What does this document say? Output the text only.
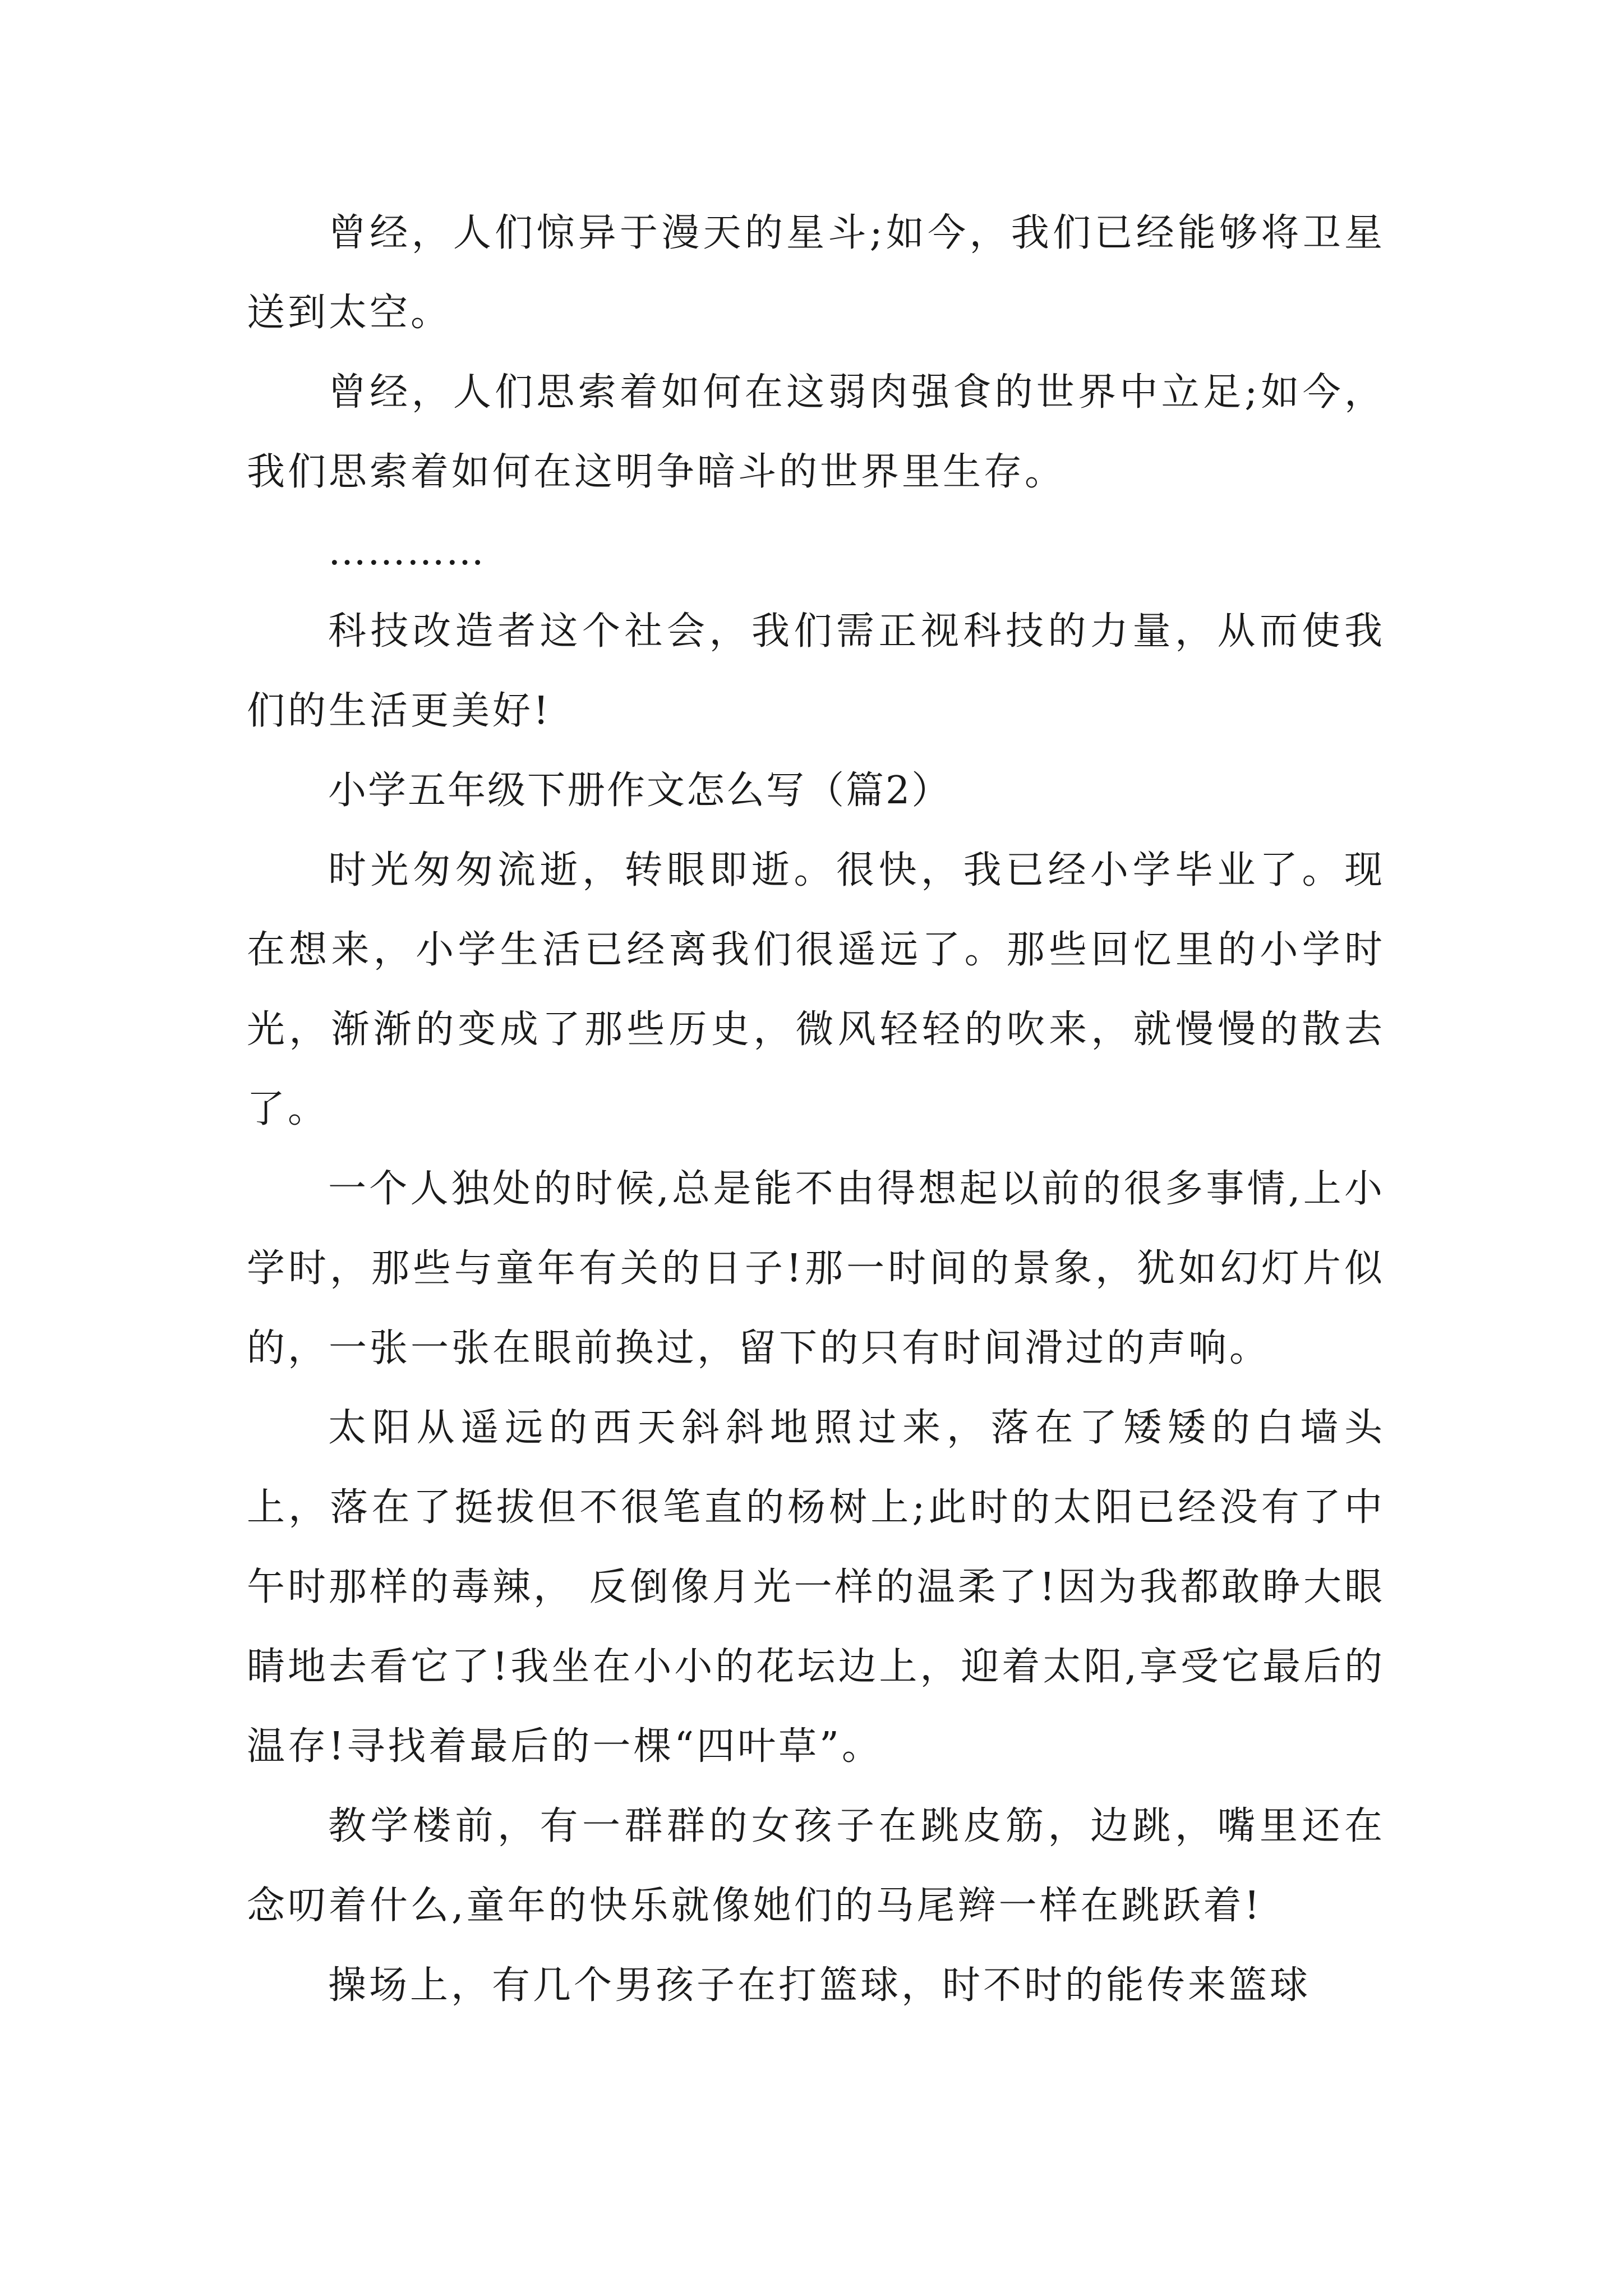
曾经，人们惊异于漫天的星斗;如今，我们已经能够将卫星送到太空。

曾经，人们思索着如何在这弱肉强食的世界中立足;如今，我们思索着如何在这明争暗斗的世界里生存。

…………

科技改造者这个社会，我们需正视科技的力量，从而使我们的生活更美好!

小学五年级下册作文怎么写（篇2）

时光匆匆流逝，转眼即逝。很快，我已经小学毕业了。现在想来，小学生活已经离我们很遥远了。那些回忆里的小学时光，渐渐的变成了那些历史，微风轻轻的吹来，就慢慢的散去了。

一个人独处的时候,总是能不由得想起以前的很多事情,上小学时，那些与童年有关的日子!那一时间的景象，犹如幻灯片似的，一张一张在眼前换过，留下的只有时间滑过的声响。

太阳从遥远的西天斜斜地照过来，落在了矮矮的白墙头上，落在了挺拔但不很笔直的杨树上;此时的太阳已经没有了中午时那样的毒辣， 反倒像月光一样的温柔了!因为我都敢睁大眼睛地去看它了!我坐在小小的花坛边上，迎着太阳,享受它最后的温存!寻找着最后的一棵“四叶草”。

教学楼前，有一群群的女孩子在跳皮筋，边跳，嘴里还在念叨着什么,童年的快乐就像她们的马尾辫一样在跳跃着!

操场上，有几个男孩子在打篮球，时不时的能传来篮球
